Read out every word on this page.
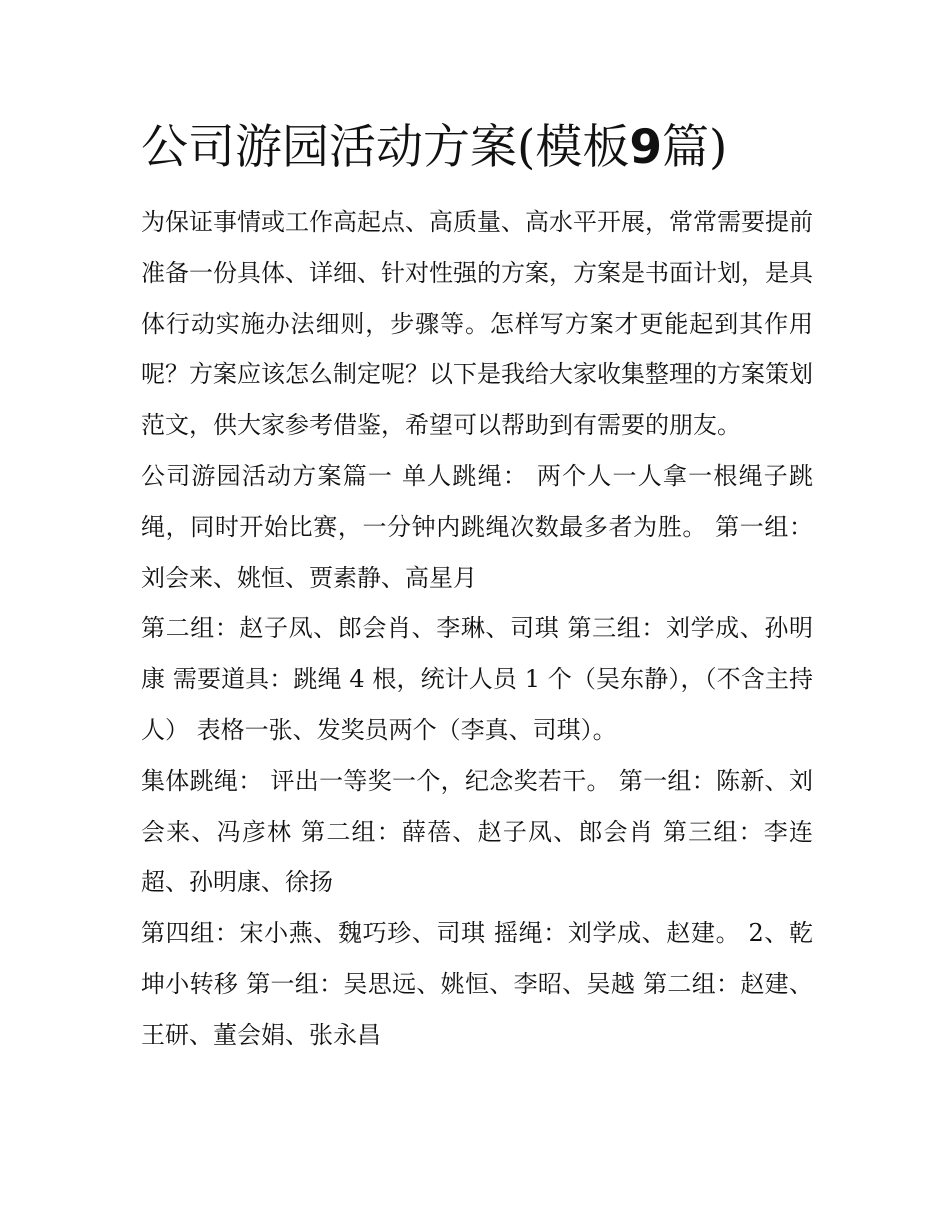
公司游园活动方案(模板9篇)

为保证事情或工作高起点、高质量、高水平开展，常常需要提前准备一份具体、详细、针对性强的方案，方案是书面计划，是具体行动实施办法细则，步骤等。怎样写方案才更能起到其作用呢？方案应该怎么制定呢？以下是我给大家收集整理的方案策划范文，供大家参考借鉴，希望可以帮助到有需要的朋友。

公司游园活动方案篇一 单人跳绳： 两个人一人拿一根绳子跳绳，同时开始比赛，一分钟内跳绳次数最多者为胜。 第一组：刘会来、姚恒、贾素静、高星月

第二组：赵子凤、郎会肖、李琳、司琪 第三组：刘学成、孙明康 需要道具：跳绳 4 根，统计人员 1 个（吴东静），（不含主持人） 表格一张、发奖员两个（李真、司琪）。

集体跳绳： 评出一等奖一个，纪念奖若干。 第一组：陈新、刘会来、冯彦林 第二组：薛蓓、赵子凤、郎会肖 第三组：李连超、孙明康、徐扬

第四组：宋小燕、魏巧珍、司琪 摇绳：刘学成、赵建。 2、乾坤小转移 第一组：吴思远、姚恒、李昭、吴越 第二组：赵建、王研、董会娟、张永昌
